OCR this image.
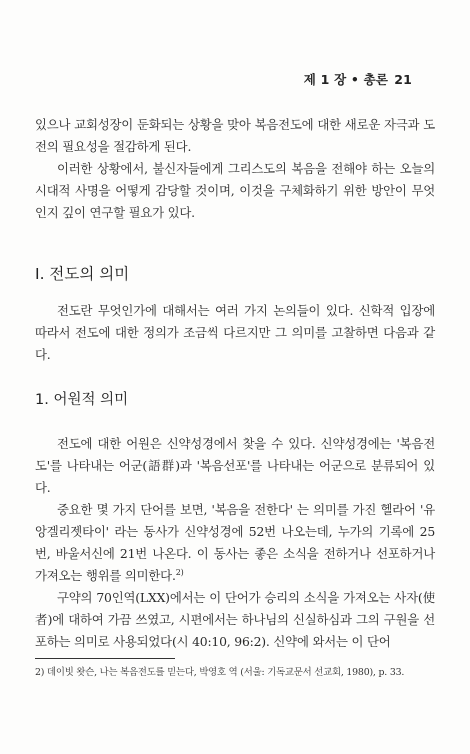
제 1 장 • 총론 21

있으나 교회성장이 둔화되는 상황을 맞아 복음전도에 대한 새로운 자극과 도전의 필요성을 절감하게 된다.

이러한 상황에서, 불신자들에게 그리스도의 복음을 전해야 하는 오늘의 시대적 사명을 어떻게 감당할 것이며, 이것을 구체화하기 위한 방안이 무엇인지 깊이 연구할 필요가 있다.

I. 전도의 의미

전도란 무엇인가에 대해서는 여러 가지 논의들이 있다. 신학적 입장에 따라서 전도에 대한 정의가 조금씩 다르지만 그 의미를 고찰하면 다음과 같다.

1. 어원적 의미

전도에 대한 어원은 신약성경에서 찾을 수 있다. 신약성경에는 '복음전도'를 나타내는 어군(語群)과 '복음선포'를 나타내는 어군으로 분류되어 있다.

중요한 몇 가지 단어를 보면, '복음을 전한다' 는 의미를 가진 헬라어 '유앙겔리젯타이' 라는 동사가 신약성경에 52번 나오는데, 누가의 기록에 25번, 바울서신에 21번 나온다. 이 동사는 좋은 소식을 전하거나 선포하거나 가져오는 행위를 의미한다.$^{2)}$

구약의 70인역(LXX)에서는 이 단어가 승리의 소식을 가져오는 사자(使者)에 대하여 가끔 쓰였고, 시편에서는 하나님의 신실하심과 그의 구원을 선포하는 의미로 사용되었다(시 40:10, 96:2). 신약에 와서는 이 단어

2) 데이빗 왓슨, 나는 복음전도를 믿는다, 박영호 역 (서울: 기독교문서 선교회, 1980), p. 33.
